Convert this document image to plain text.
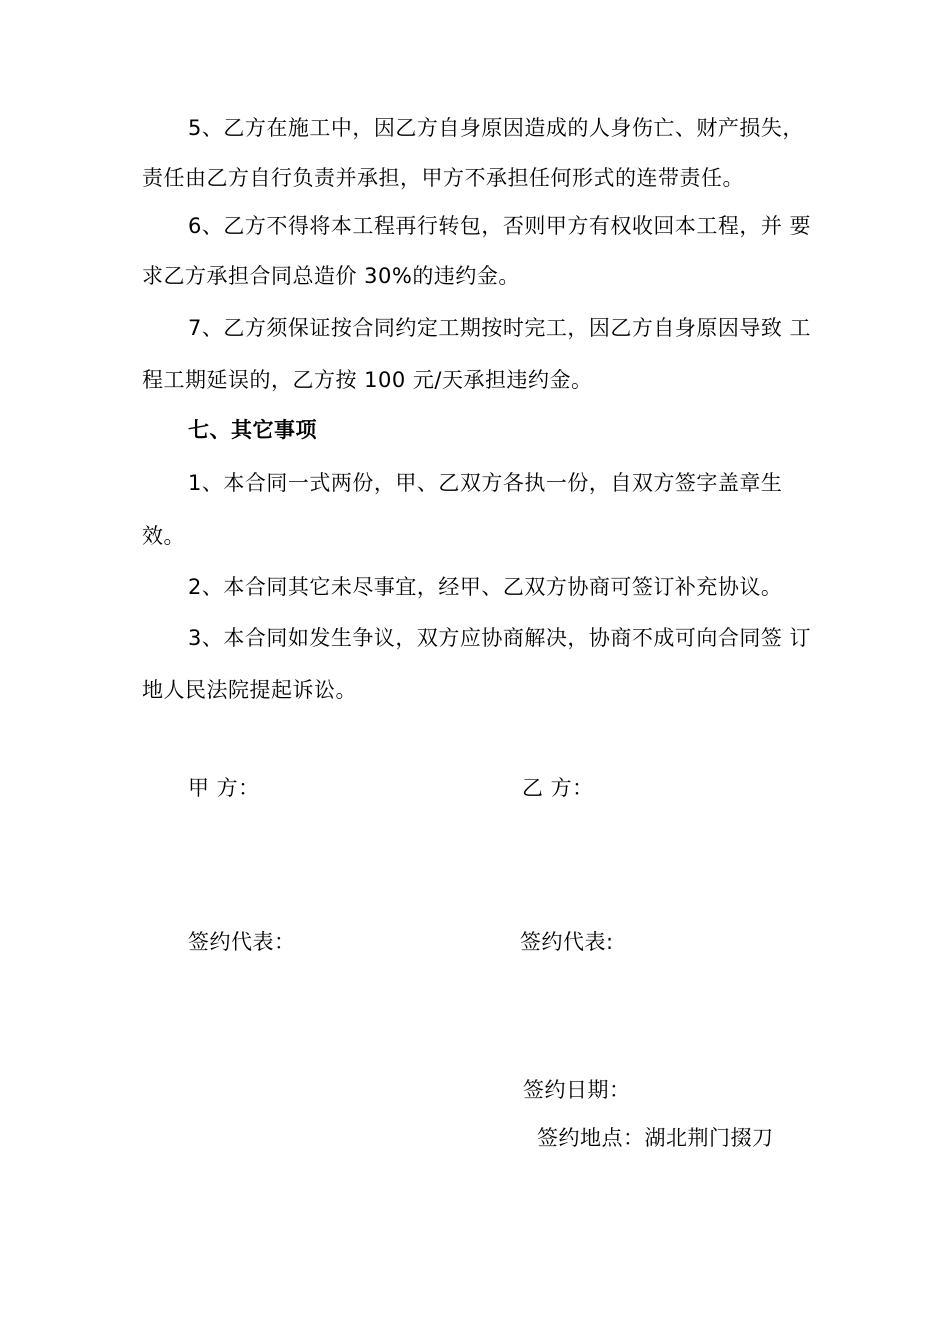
5、乙方在施工中，因乙方自身原因造成的人身伤亡、财产损失，
责任由乙方自行负责并承担，甲方不承担任何形式的连带责任。
6、乙方不得将本工程再行转包，否则甲方有权收回本工程，并 要
求乙方承担合同总造价 30%的违约金。
7、乙方须保证按合同约定工期按时完工，因乙方自身原因导致 工
程工期延误的，乙方按 100 元/天承担违约金。
七、其它事项
1、本合同一式两份，甲、乙双方各执一份，自双方签字盖章生
效。
2、本合同其它未尽事宜，经甲、乙双方协商可签订补充协议。
3、本合同如发生争议，双方应协商解决，协商不成可向合同签 订
地人民法院提起诉讼。
甲 方：	乙 方：
签约代表：	签约代表:
签约日期：
签约地点：湖北荆门掇刀
